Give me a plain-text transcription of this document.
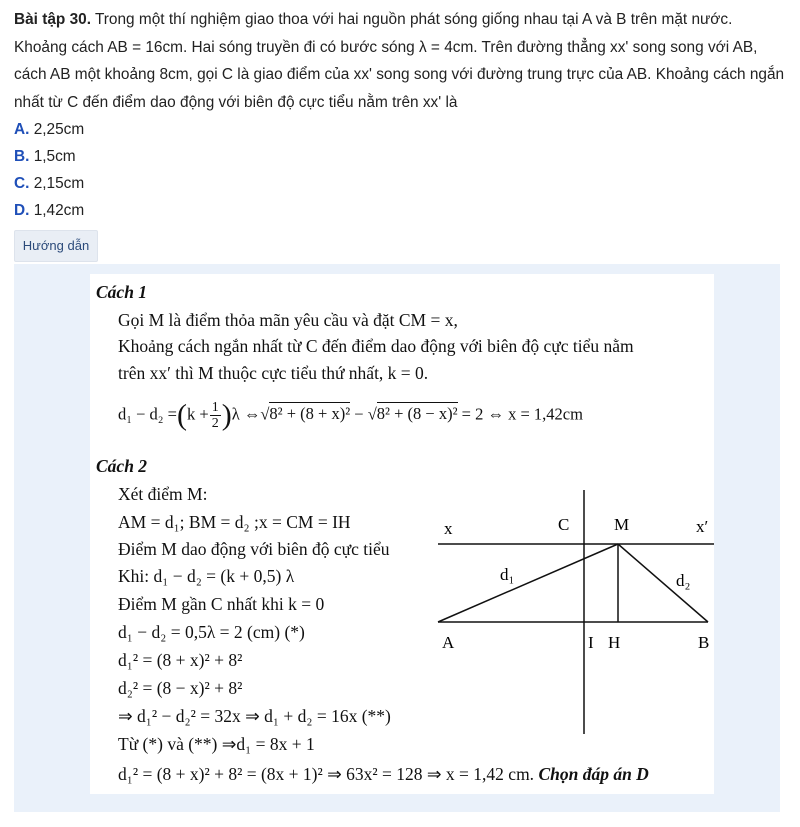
Bài tập 30. Trong một thí nghiệm giao thoa với hai nguồn phát sóng giống nhau tại A và B trên mặt nước. Khoảng cách AB = 16cm. Hai sóng truyền đi có bước sóng λ = 4cm. Trên đường thẳng xx' song song với AB, cách AB một khoảng 8cm, gọi C là giao điểm của xx' song song với đường trung trực của AB. Khoảng cách ngắn nhất từ C đến điểm dao động với biên độ cực tiểu nằm trên xx' là
A. 2,25cm
B. 1,5cm
C. 2,15cm
D. 1,42cm
Hướng dẫn
Cách 1
Gọi M là điểm thỏa mãn yêu cầu và đặt CM = x,
Khoảng cách ngắn nhất từ C đến điểm dao động với biên độ cực tiểu nằm
trên xx′ thì M thuộc cực tiểu thứ nhất, k = 0.
$d_1 - d_2 =(k + \frac{1}{2} )\lambda$ ⇔√8² + (8 + x)² − √8² + (8 − x)² = 2 ⇔ x = 1,42cm
Cách 2
Xét điểm M:
AM = d₁; BM = d₂ ;x = CM = IH
Điểm M dao động với biên độ cực tiểu
Khi: d₁ − d₂ = (k + 0,5) λ
Điểm M gần C nhất khi k = 0
d₁ − d₂ = 0,5λ = 2 (cm) (*)
d₁² = (8 + x)² + 8²
d₂² = (8 − x)² + 8²
⇒ d₁² − d₂² = 32x ⇒ d₁ + d₂ = 16x (**)
Từ (*) và (**) ⇒d₁ = 8x + 1
d₁² = (8 + x)² + 8² = (8x + 1)² ⇒ 63x² = 128 ⇒ x = 1,42 cm. Chọn đáp án D
x	x′
C	M
d₁	d₂
A	I H	B
